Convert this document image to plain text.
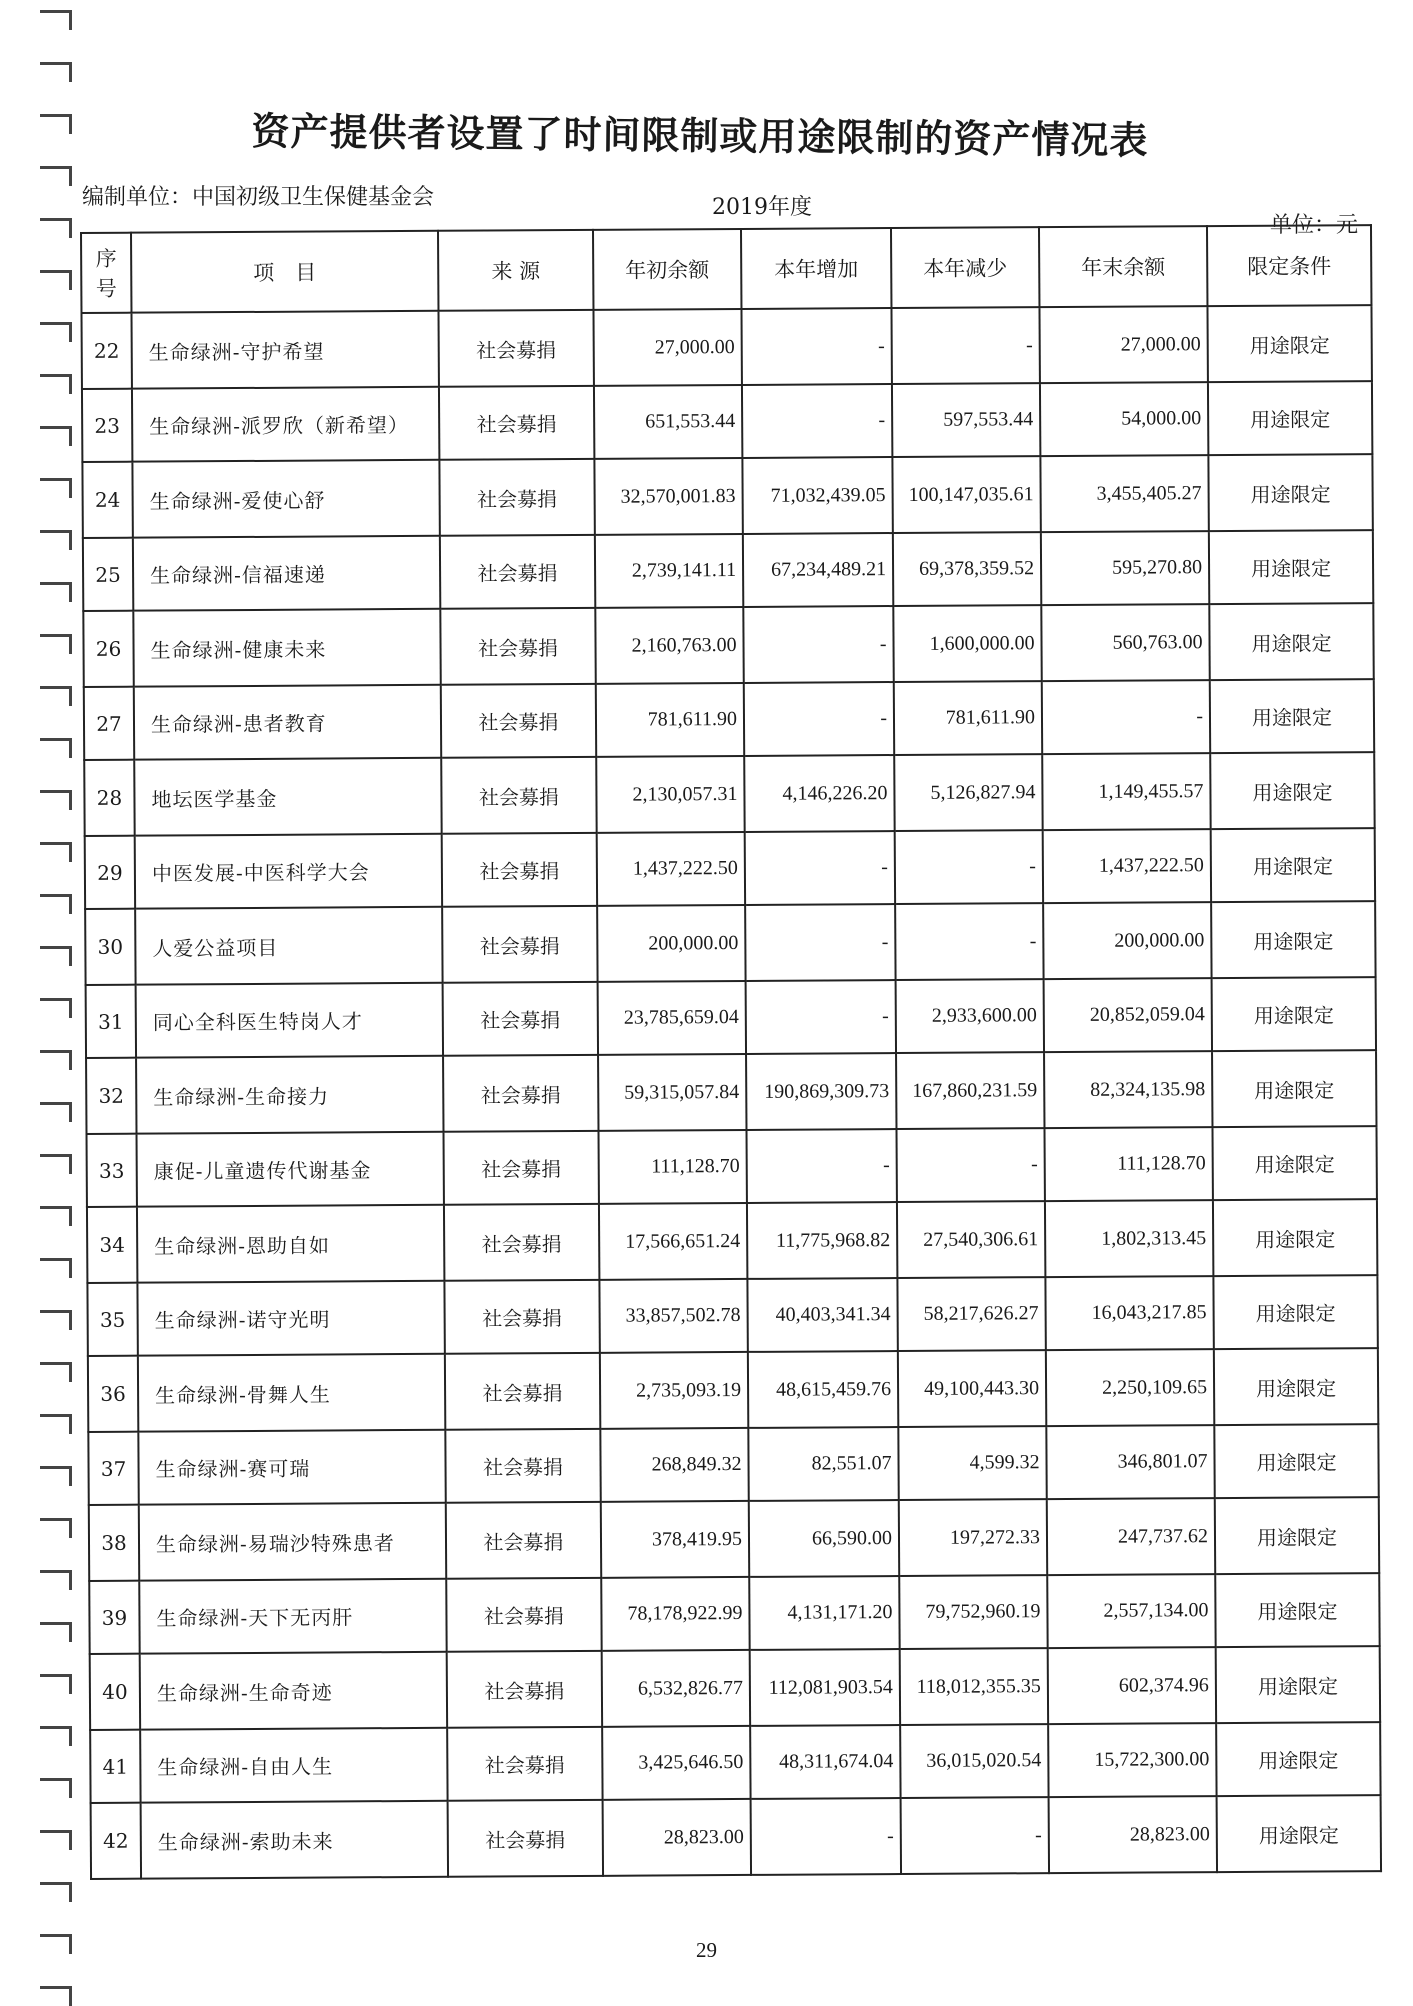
资产提供者设置了时间限制或用途限制的资产情况表
编制单位：中国初级卫生保健基金会	2019年度
单位：元
序号	项　目	来 源	年初余额	本年增加	本年减少	年末余额	限定条件
22	生命绿洲-守护希望	社会募捐	27,000.00	-	-	27,000.00	用途限定
23	生命绿洲-派罗欣（新希望）	社会募捐	651,553.44	-	597,553.44	54,000.00	用途限定
24	生命绿洲-爱使心舒	社会募捐	32,570,001.83	71,032,439.05	100,147,035.61	3,455,405.27	用途限定
25	生命绿洲-信福速递	社会募捐	2,739,141.11	67,234,489.21	69,378,359.52	595,270.80	用途限定
26	生命绿洲-健康未来	社会募捐	2,160,763.00	-	1,600,000.00	560,763.00	用途限定
27	生命绿洲-患者教育	社会募捐	781,611.90	-	781,611.90	-	用途限定
28	地坛医学基金	社会募捐	2,130,057.31	4,146,226.20	5,126,827.94	1,149,455.57	用途限定
29	中医发展-中医科学大会	社会募捐	1,437,222.50	-	-	1,437,222.50	用途限定
30	人爱公益项目	社会募捐	200,000.00	-	-	200,000.00	用途限定
31	同心全科医生特岗人才	社会募捐	23,785,659.04	-	2,933,600.00	20,852,059.04	用途限定
32	生命绿洲-生命接力	社会募捐	59,315,057.84	190,869,309.73	167,860,231.59	82,324,135.98	用途限定
33	康促-儿童遗传代谢基金	社会募捐	111,128.70	-	-	111,128.70	用途限定
34	生命绿洲-恩助自如	社会募捐	17,566,651.24	11,775,968.82	27,540,306.61	1,802,313.45	用途限定
35	生命绿洲-诺守光明	社会募捐	33,857,502.78	40,403,341.34	58,217,626.27	16,043,217.85	用途限定
36	生命绿洲-骨舞人生	社会募捐	2,735,093.19	48,615,459.76	49,100,443.30	2,250,109.65	用途限定
37	生命绿洲-赛可瑞	社会募捐	268,849.32	82,551.07	4,599.32	346,801.07	用途限定
38	生命绿洲-易瑞沙特殊患者	社会募捐	378,419.95	66,590.00	197,272.33	247,737.62	用途限定
39	生命绿洲-天下无丙肝	社会募捐	78,178,922.99	4,131,171.20	79,752,960.19	2,557,134.00	用途限定
40	生命绿洲-生命奇迹	社会募捐	6,532,826.77	112,081,903.54	118,012,355.35	602,374.96	用途限定
41	生命绿洲-自由人生	社会募捐	3,425,646.50	48,311,674.04	36,015,020.54	15,722,300.00	用途限定
42	生命绿洲-索助未来	社会募捐	28,823.00	-	-	28,823.00	用途限定
29
